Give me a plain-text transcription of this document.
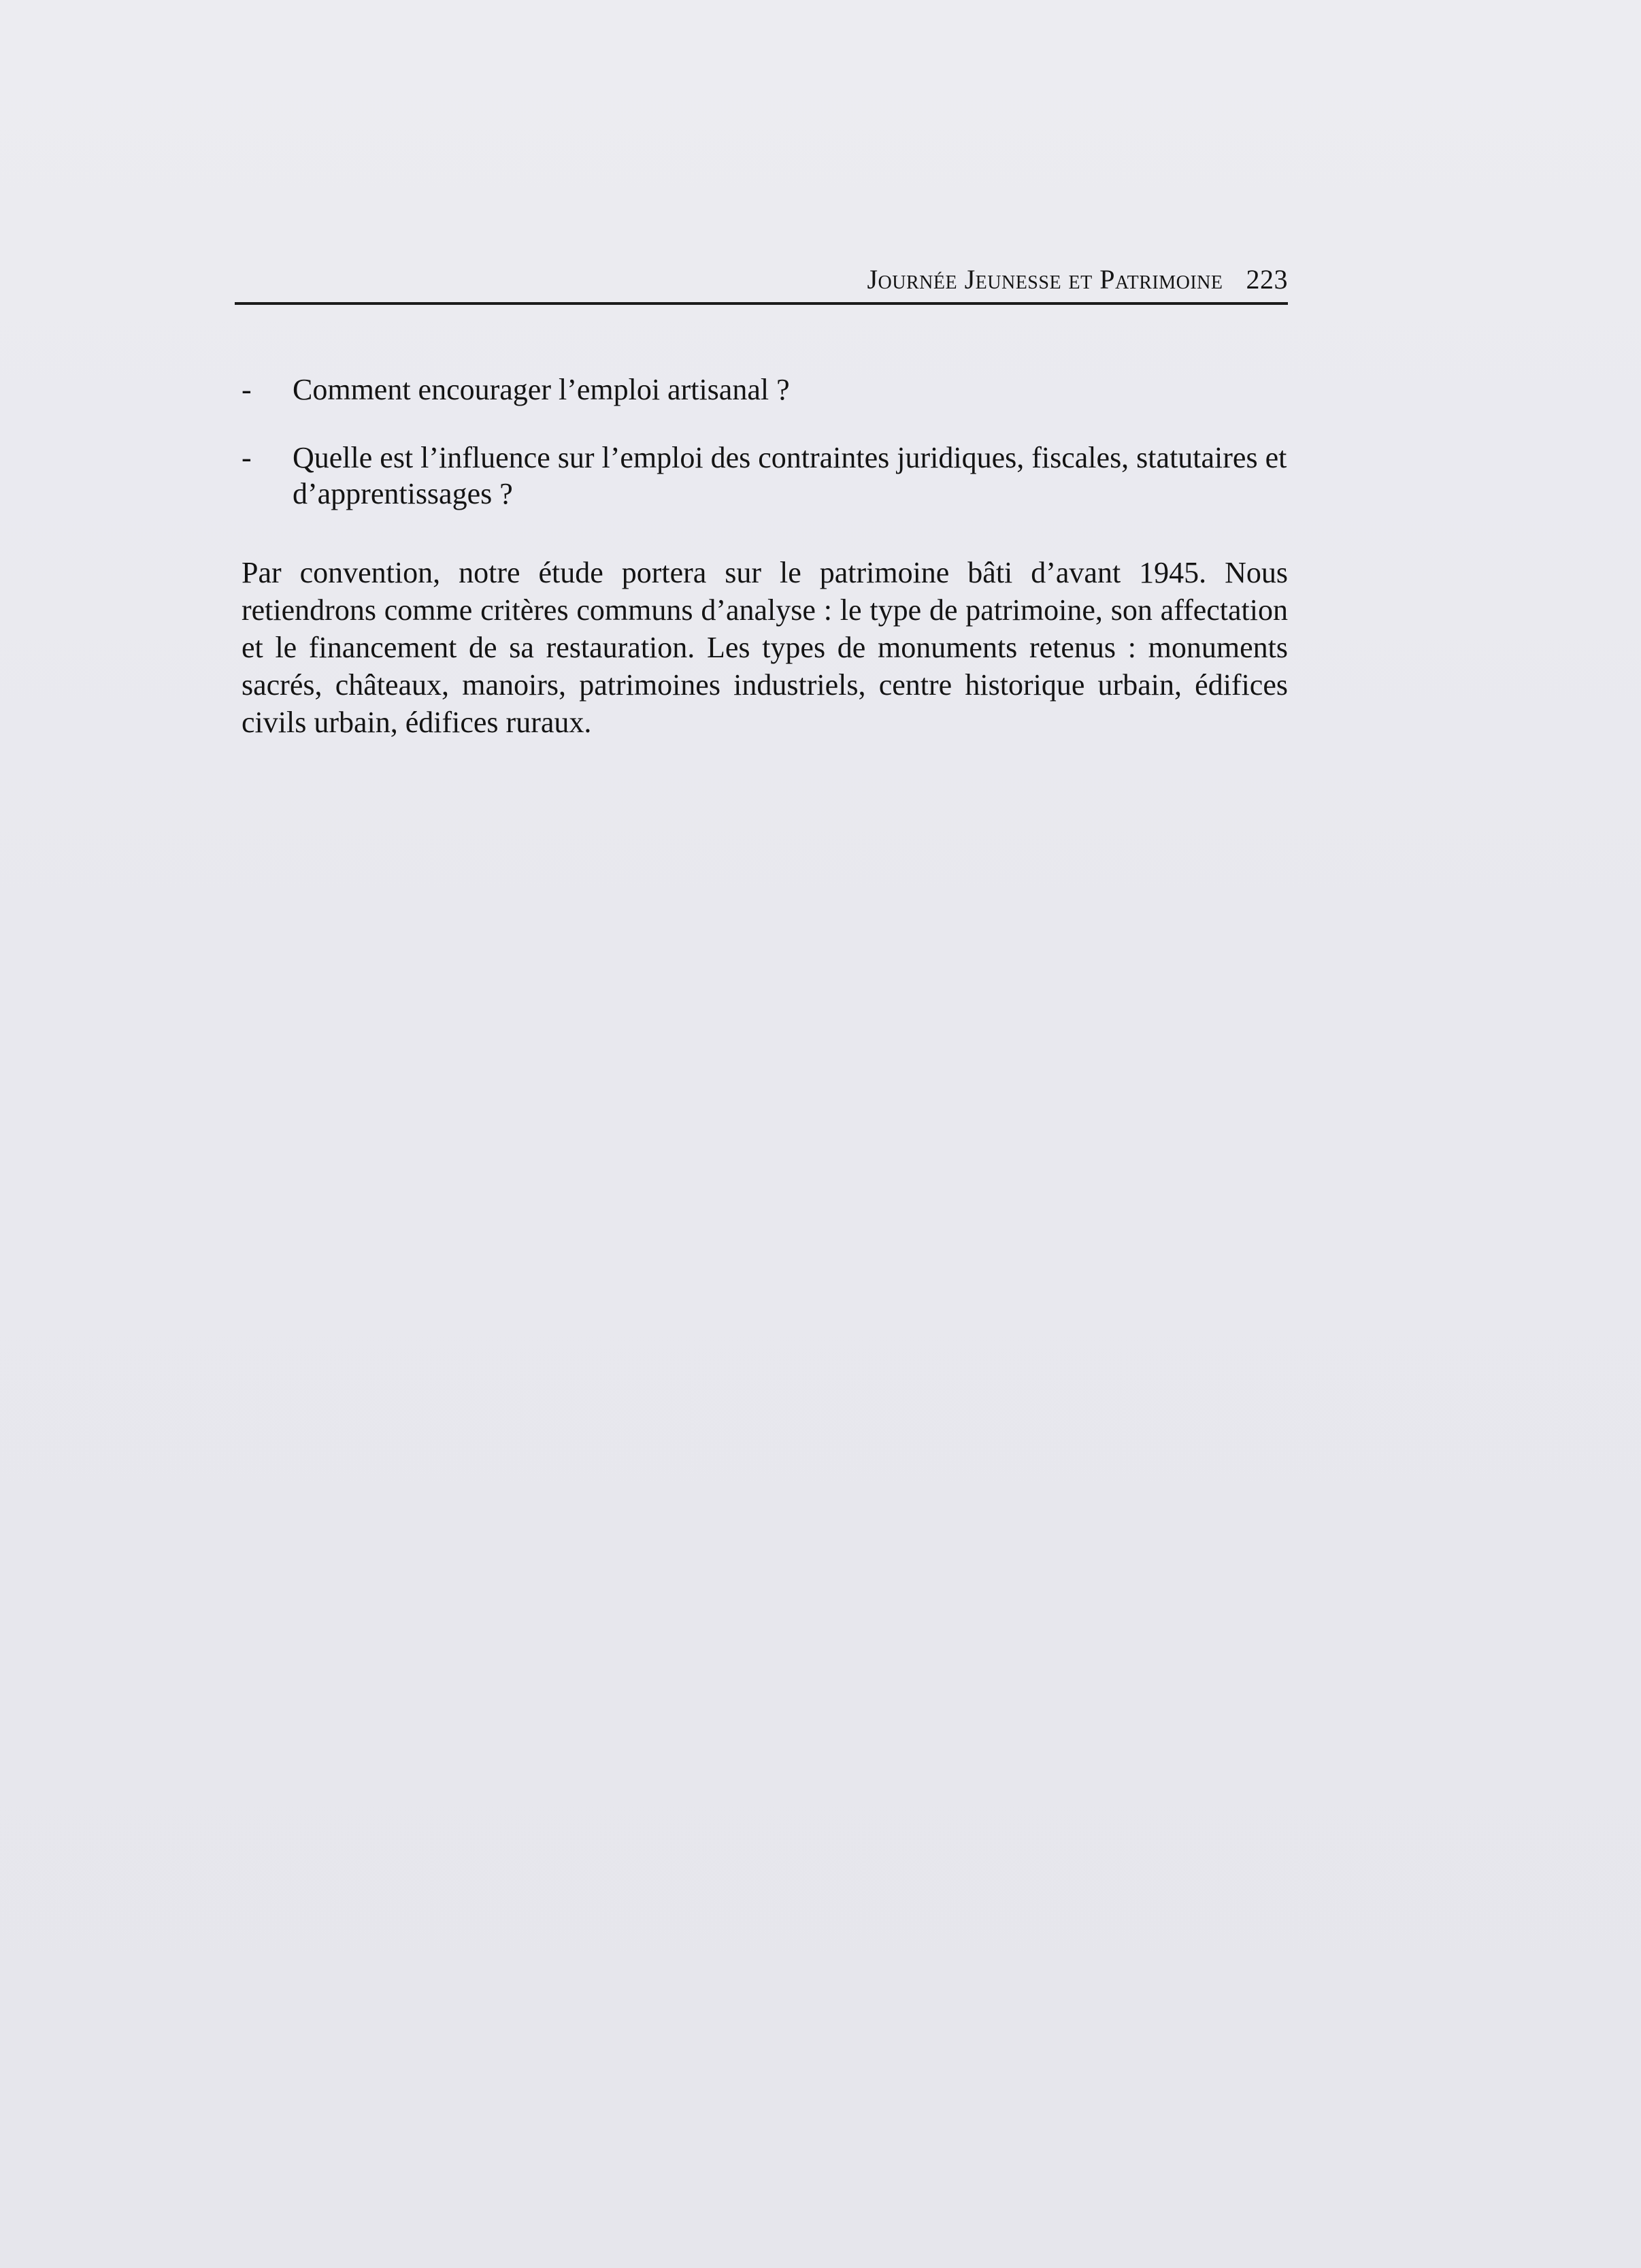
Journée Jeunesse et Patrimoine 223
-	Comment encourager l’emploi artisanal ?
-	Quelle est l’influence sur l’emploi des contraintes juridiques, fiscales, statutaires et d’apprentissages ?

Par convention, notre étude portera sur le patrimoine bâti d’avant 1945. Nous retiendrons comme critères communs d’analyse : le type de patrimoine, son affectation et le financement de sa restauration. Les types de monuments retenus : monuments sacrés, châteaux, manoirs, patrimoines industriels, centre historique urbain, édifices civils urbain, édifices ruraux.
